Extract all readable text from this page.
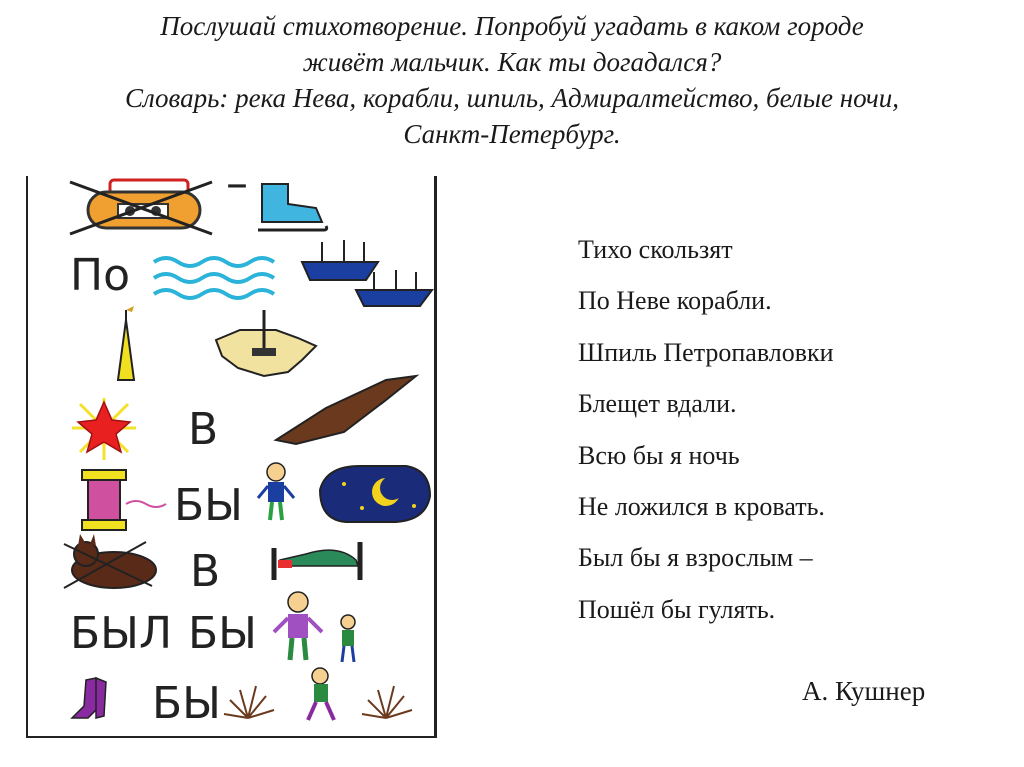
Послушай стихотворение. Попробуй угадать в каком городе
живёт мальчик. Как ты догадался?
Словарь: река Нева, корабли, шпиль, Адмиралтейство, белые ночи,
Санкт-Петербург.
–
По
В
БЫ
В
БЫЛ БЫ
БЫ
Тихо скользят
По Неве корабли.
Шпиль Петропавловки
Блещет вдали.
Всю бы я ночь
Не ложился в кровать.
Был бы я взрослым –
Пошёл бы гулять.
А. Кушнер
